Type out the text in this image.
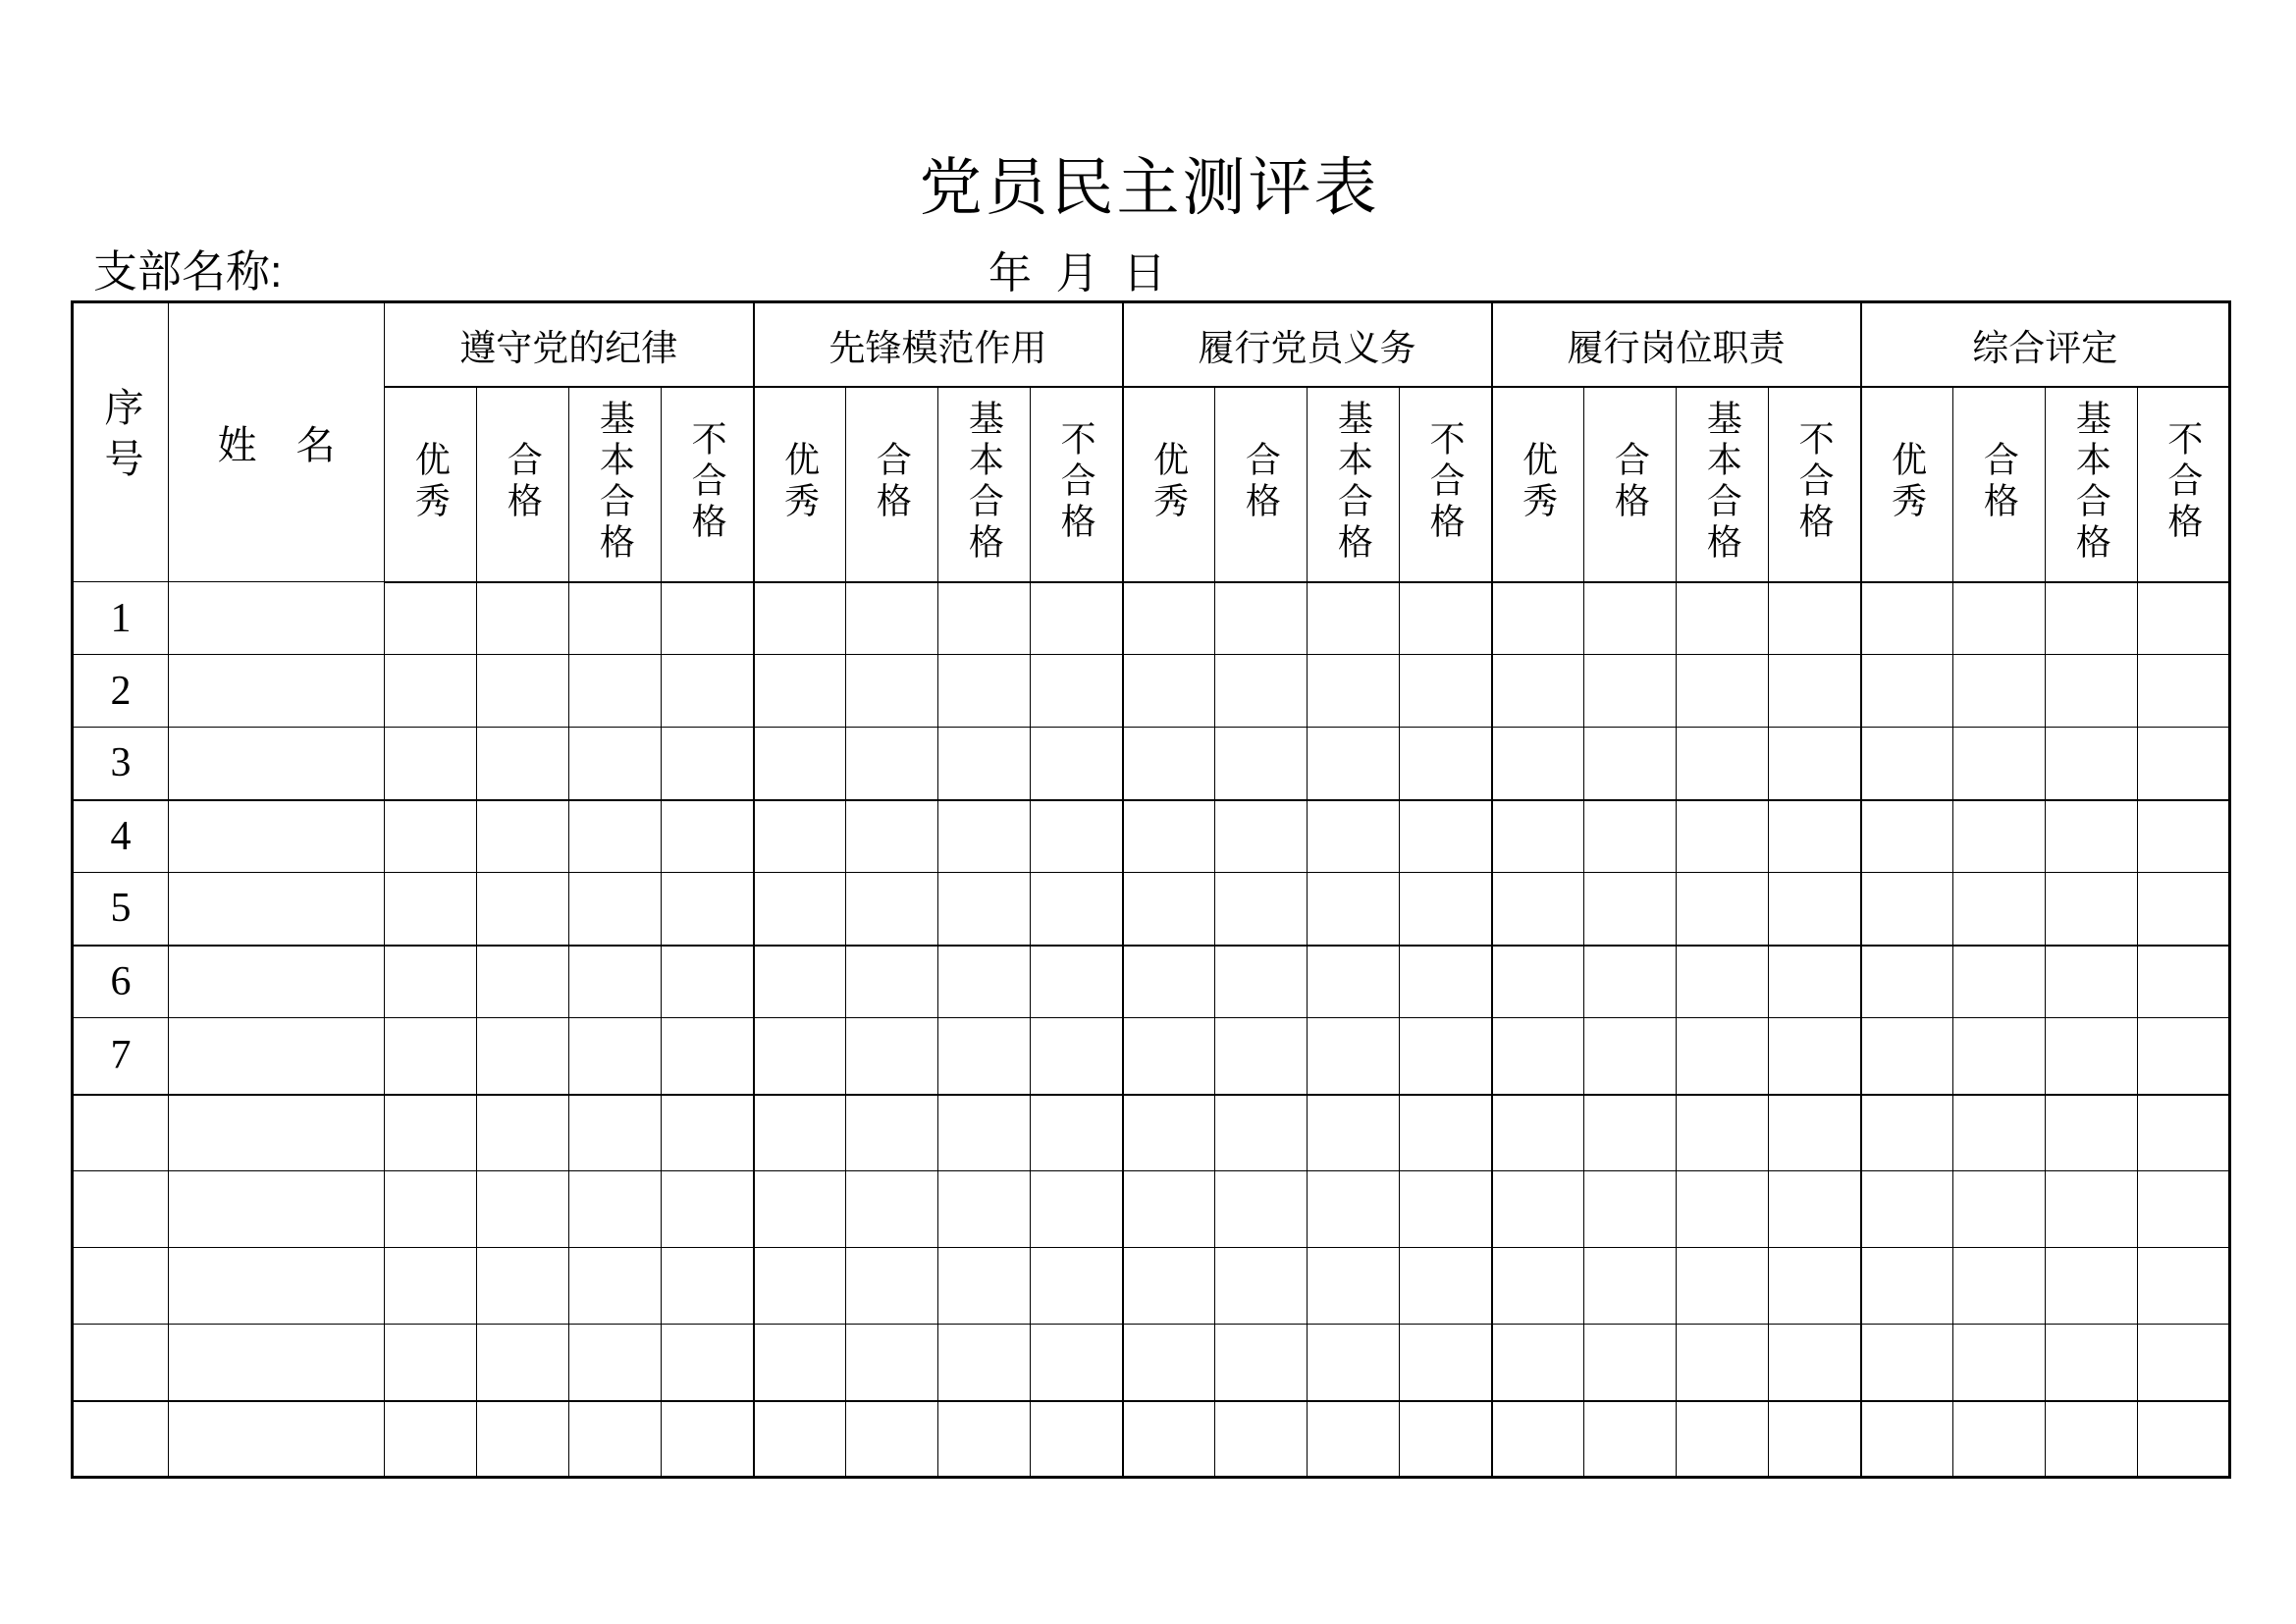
党员民主测评表
支部名称:	年  月  日
序号	姓　名	遵守党的纪律				先锋模范作用				履行党员义务				履行岗位职责				综合评定			
		优秀	合格	基本合格	不合格	优秀	合格	基本合格	不合格	优秀	合格	基本合格	不合格	优秀	合格	基本合格	不合格	优秀	合格	基本合格	不合格
1																					
2																					
3																					
4																					
5																					
6																					
7																					
